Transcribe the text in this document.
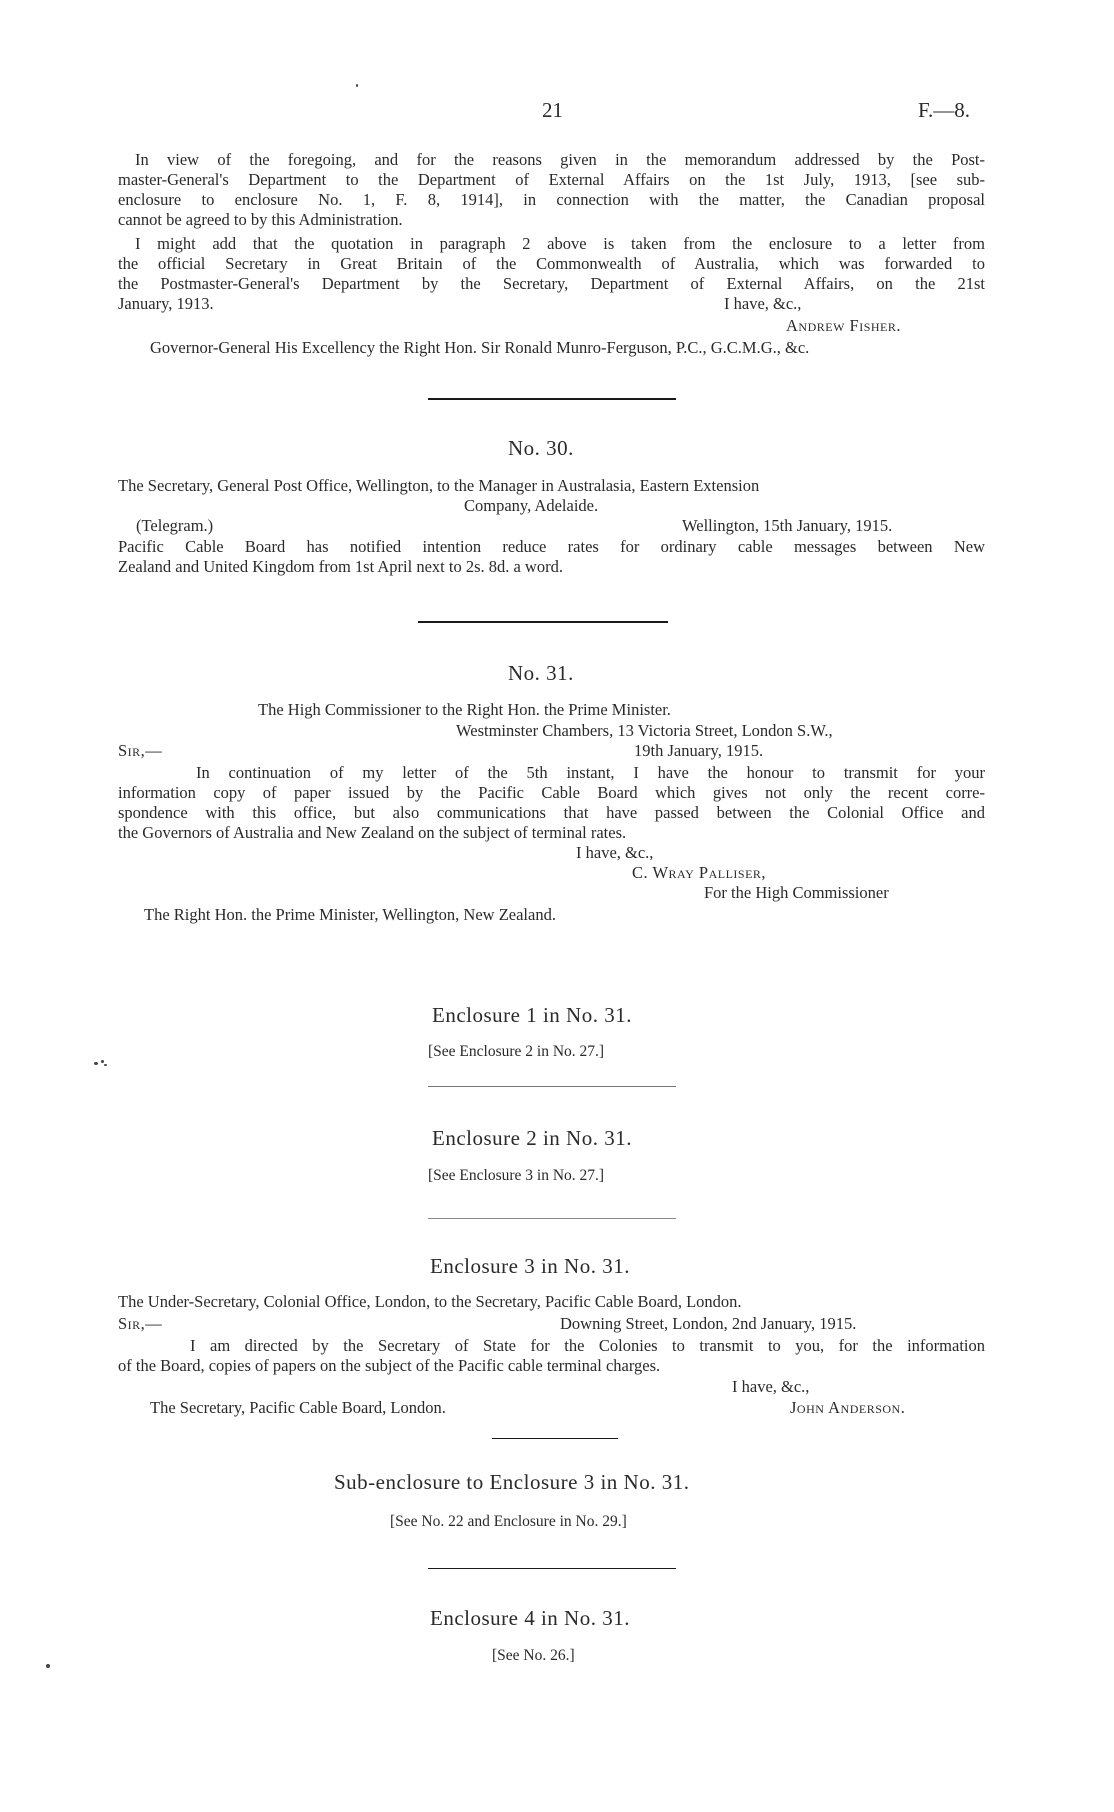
21	F.—8.
In view of the foregoing, and for the reasons given in the memorandum addressed by the Post-
master-General's Department to the Department of External Affairs on the 1st July, 1913, [see sub-
enclosure to enclosure No. 1, F. 8, 1914], in connection with the matter, the Canadian proposal
cannot be agreed to by this Administration.
I might add that the quotation in paragraph 2 above is taken from the enclosure to a letter from
the official Secretary in Great Britain of the Commonwealth of Australia, which was forwarded to
the Postmaster-General's Department by the Secretary, Department of External Affairs, on the 21st
January, 1913.	I have, &c.,
Andrew Fisher.
Governor-General His Excellency the Right Hon. Sir Ronald Munro-Ferguson, P.C., G.C.M.G., &c.
No. 30.
The Secretary, General Post Office, Wellington, to the Manager in Australasia, Eastern Extension
Company, Adelaide.
(Telegram.)	Wellington, 15th January, 1915.
Pacific Cable Board has notified intention reduce rates for ordinary cable messages between New
Zealand and United Kingdom from 1st April next to 2s. 8d. a word.
No. 31.
The High Commissioner to the Right Hon. the Prime Minister.
Westminster Chambers, 13 Victoria Street, London S.W.,
Sir,—	19th January, 1915.
In continuation of my letter of the 5th instant, I have the honour to transmit for your
information copy of paper issued by the Pacific Cable Board which gives not only the recent corre-
spondence with this office, but also communications that have passed between the Colonial Office and
the Governors of Australia and New Zealand on the subject of terminal rates.
I have, &c.,
C. Wray Palliser,
For the High Commissioner
The Right Hon. the Prime Minister, Wellington, New Zealand.
Enclosure 1 in No. 31.
[See Enclosure 2 in No. 27.]
Enclosure 2 in No. 31.
[See Enclosure 3 in No. 27.]
Enclosure 3 in No. 31.
The Under-Secretary, Colonial Office, London, to the Secretary, Pacific Cable Board, London.
Sir,—	Downing Street, London, 2nd January, 1915.
I am directed by the Secretary of State for the Colonies to transmit to you, for the information
of the Board, copies of papers on the subject of the Pacific cable terminal charges.
I have, &c.,
The Secretary, Pacific Cable Board, London.	John Anderson.
Sub-enclosure to Enclosure 3 in No. 31.
[See No. 22 and Enclosure in No. 29.]
Enclosure 4 in No. 31.
[See No. 26.]
